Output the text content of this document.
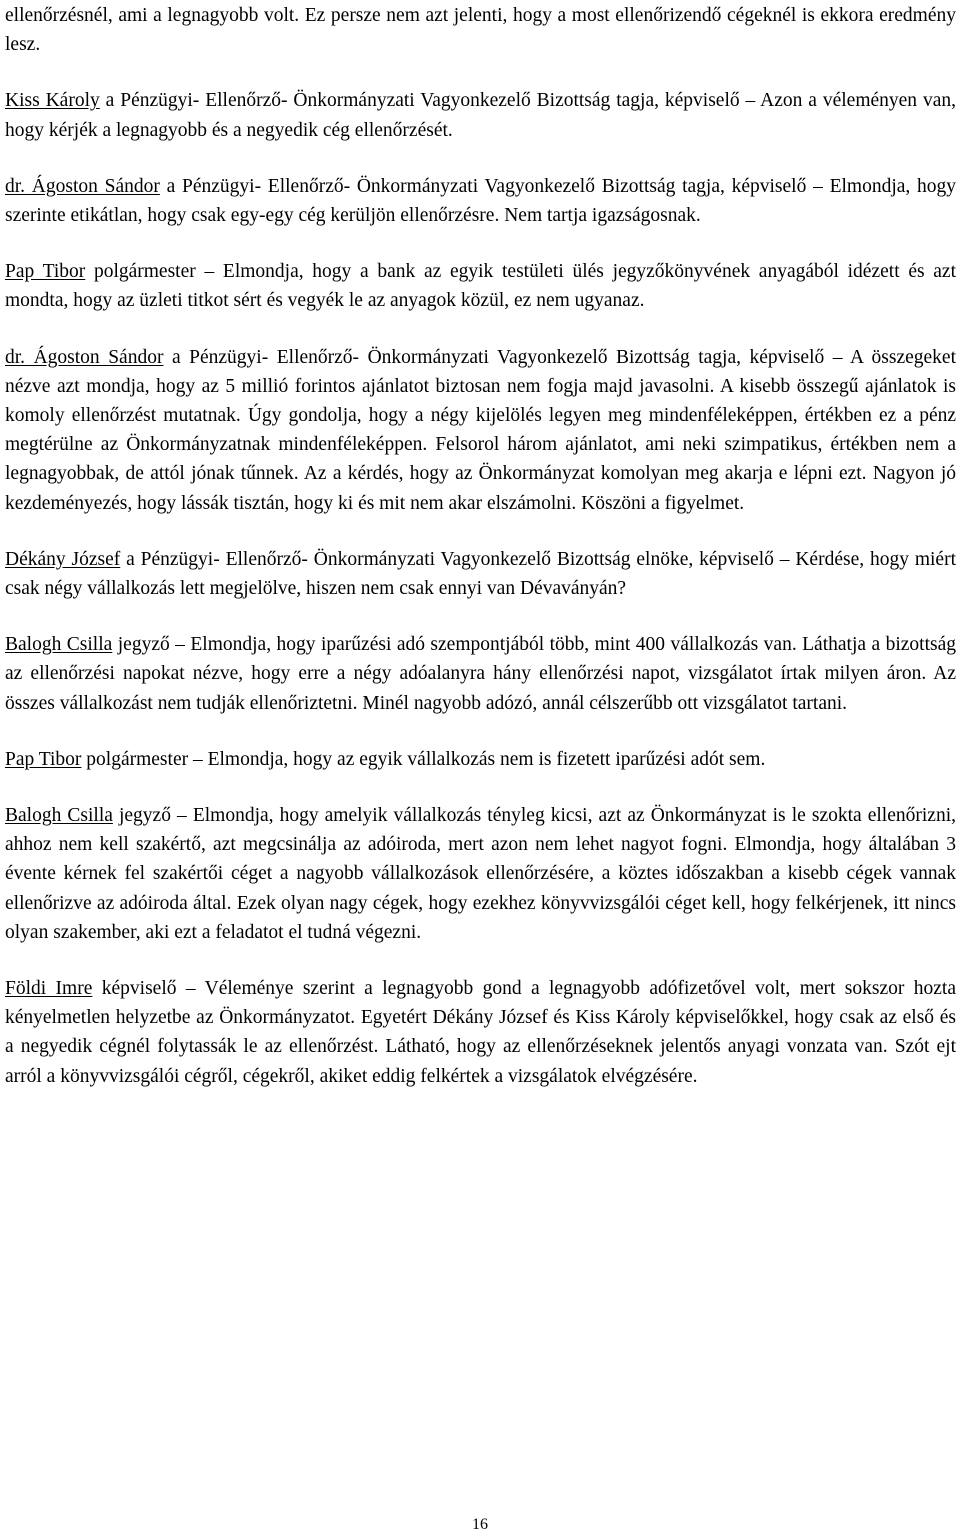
ellenőrzésnél, ami a legnagyobb volt. Ez persze nem azt jelenti, hogy a most ellenőrizendő cégeknél is ekkora eredmény lesz.

Kiss Károly a Pénzügyi- Ellenőrző- Önkormányzati Vagyonkezelő Bizottság tagja, képviselő – Azon a véleményen van, hogy kérjék a legnagyobb és a negyedik cég ellenőrzését.

dr. Ágoston Sándor a Pénzügyi- Ellenőrző- Önkormányzati Vagyonkezelő Bizottság tagja, képviselő – Elmondja, hogy szerinte etikátlan, hogy csak egy-egy cég kerüljön ellenőrzésre. Nem tartja igazságosnak.

Pap Tibor polgármester – Elmondja, hogy a bank az egyik testületi ülés jegyzőkönyvének anyagából idézett és azt mondta, hogy az üzleti titkot sért és vegyék le az anyagok közül, ez nem ugyanaz.

dr. Ágoston Sándor a Pénzügyi- Ellenőrző- Önkormányzati Vagyonkezelő Bizottság tagja, képviselő – A összegeket nézve azt mondja, hogy az 5 millió forintos ajánlatot biztosan nem fogja majd javasolni. A kisebb összegű ajánlatok is komoly ellenőrzést mutatnak. Úgy gondolja, hogy a négy kijelölés legyen meg mindenféleképpen, értékben ez a pénz megtérülne az Önkormányzatnak mindenféleképpen. Felsorol három ajánlatot, ami neki szimpatikus, értékben nem a legnagyobbak, de attól jónak tűnnek. Az a kérdés, hogy az Önkormányzat komolyan meg akarja e lépni ezt. Nagyon jó kezdeményezés, hogy lássák tisztán, hogy ki és mit nem akar elszámolni. Köszöni a figyelmet.

Dékány József a Pénzügyi- Ellenőrző- Önkormányzati Vagyonkezelő Bizottság elnöke, képviselő – Kérdése, hogy miért csak négy vállalkozás lett megjelölve, hiszen nem csak ennyi van Dévaványán?

Balogh Csilla jegyző – Elmondja, hogy iparűzési adó szempontjából több, mint 400 vállalkozás van. Láthatja a bizottság az ellenőrzési napokat nézve, hogy erre a négy adóalanyra hány ellenőrzési napot, vizsgálatot írtak milyen áron. Az összes vállalkozást nem tudják ellenőriztetni. Minél nagyobb adózó, annál célszerűbb ott vizsgálatot tartani.

Pap Tibor polgármester – Elmondja, hogy az egyik vállalkozás nem is fizetett iparűzési adót sem.

Balogh Csilla jegyző – Elmondja, hogy amelyik vállalkozás tényleg kicsi, azt az Önkormányzat is le szokta ellenőrizni, ahhoz nem kell szakértő, azt megcsinálja az adóiroda, mert azon nem lehet nagyot fogni. Elmondja, hogy általában 3 évente kérnek fel szakértői céget a nagyobb vállalkozások ellenőrzésére, a köztes időszakban a kisebb cégek vannak ellenőrizve az adóiroda által. Ezek olyan nagy cégek, hogy ezekhez könyvvizsgálói céget kell, hogy felkérjenek, itt nincs olyan szakember, aki ezt a feladatot el tudná végezni.

Földi Imre képviselő – Véleménye szerint a legnagyobb gond a legnagyobb adófizetővel volt, mert sokszor hozta kényelmetlen helyzetbe az Önkormányzatot. Egyetért Dékány József és Kiss Károly képviselőkkel, hogy csak az első és a negyedik cégnél folytassák le az ellenőrzést. Látható, hogy az ellenőrzéseknek jelentős anyagi vonzata van. Szót ejt arról a könyvvizsgálói cégről, cégekről, akiket eddig felkértek a vizsgálatok elvégzésére.

16
